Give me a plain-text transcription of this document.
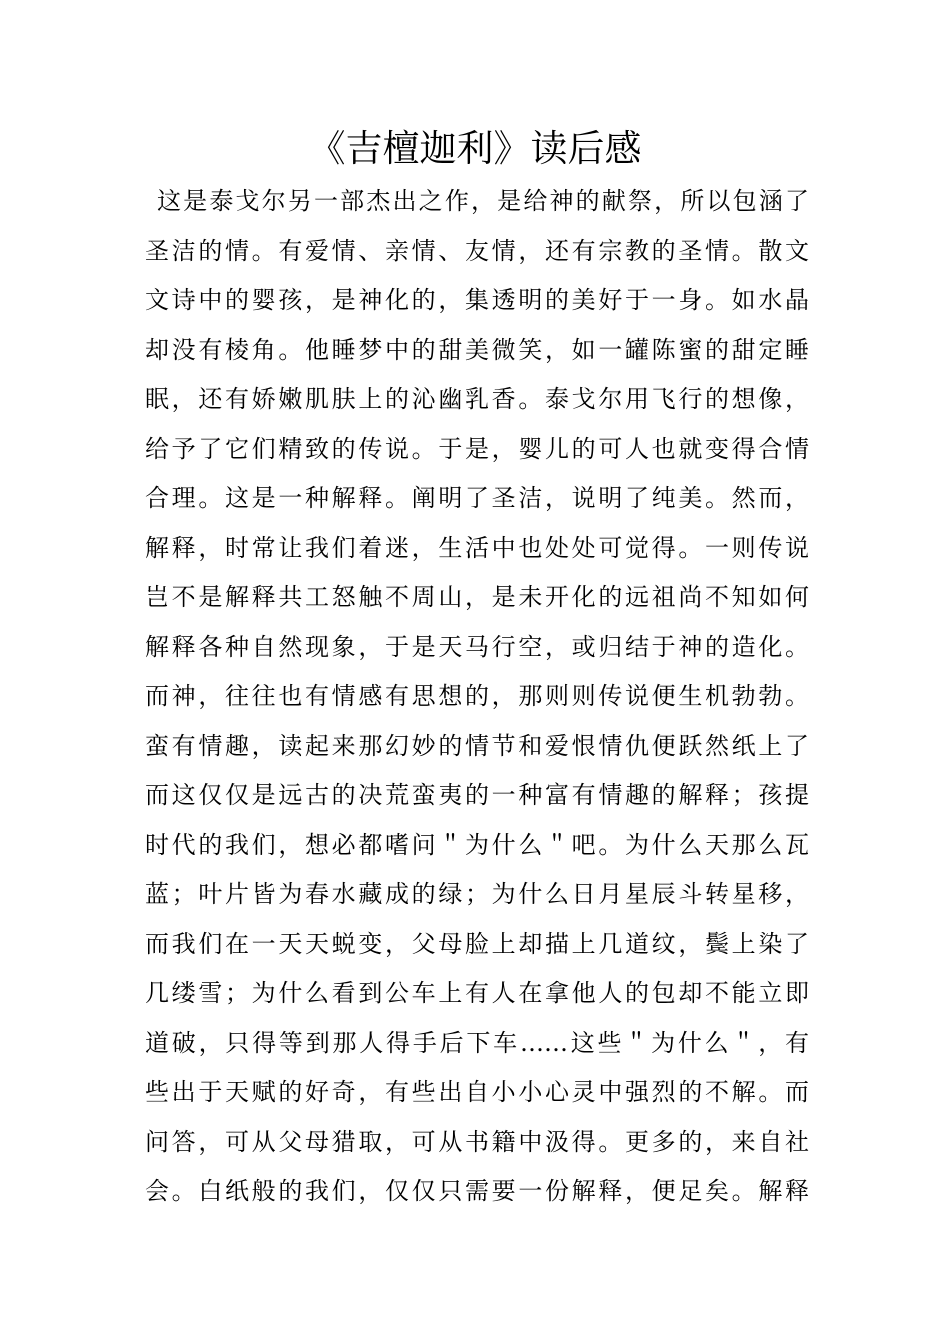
《吉檀迦利》读后感
这是泰戈尔另一部杰出之作，是给神的献祭，所以包涵了
圣洁的情。有爱情、亲情、友情，还有宗教的圣情。散文
文诗中的婴孩，是神化的，集透明的美好于一身。如水晶
却没有棱角。他睡梦中的甜美微笑，如一罐陈蜜的甜定睡
眠，还有娇嫩肌肤上的沁幽乳香。泰戈尔用飞行的想像，
给予了它们精致的传说。于是，婴儿的可人也就变得合情
合理。这是一种解释。阐明了圣洁，说明了纯美。然而，
解释，时常让我们着迷，生活中也处处可觉得。一则传说
岂不是解释共工怒触不周山，是未开化的远祖尚不知如何
解释各种自然现象，于是天马行空，或归结于神的造化。
而神，往往也有情感有思想的，那则则传说便生机勃勃。
蛮有情趣，读起来那幻妙的情节和爱恨情仇便跃然纸上了
而这仅仅是远古的决荒蛮夷的一种富有情趣的解释；孩提
时代的我们，想必都嗜问＂为什么＂吧。为什么天那么瓦
蓝；叶片皆为春水藏成的绿；为什么日月星辰斗转星移，
而我们在一天天蜕变，父母脸上却描上几道纹，鬓上染了
几缕雪；为什么看到公车上有人在拿他人的包却不能立即
道破，只得等到那人得手后下车……这些＂为什么＂，有
些出于天赋的好奇，有些出自小小心灵中强烈的不解。而
问答，可从父母猎取，可从书籍中汲得。更多的，来自社
会。白纸般的我们，仅仅只需要一份解释，便足矣。解释
